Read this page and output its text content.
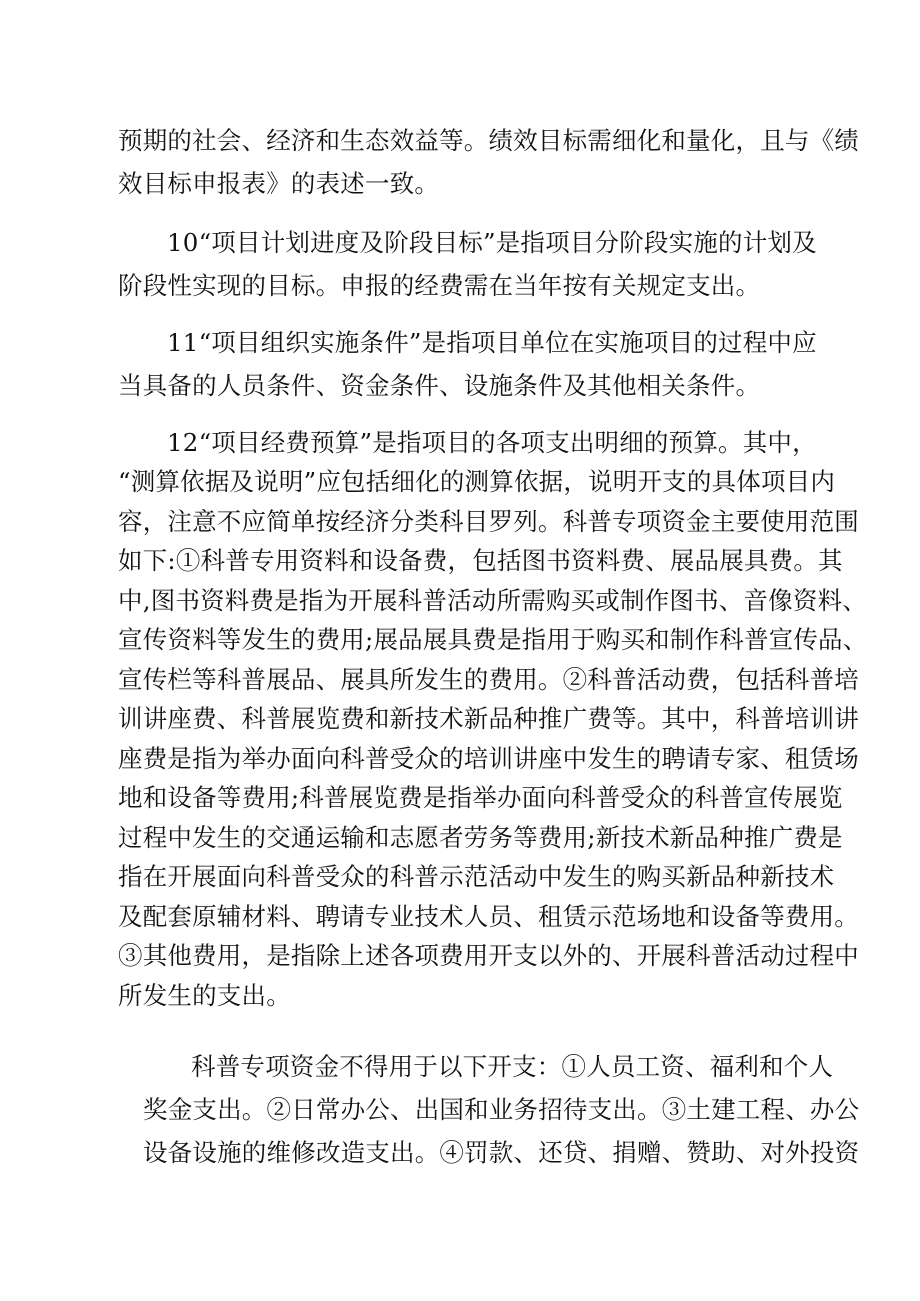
预期的社会、经济和生态效益等。绩效目标需细化和量化，且与《绩
效目标申报表》的表述一致。
10“项目计划进度及阶段目标”是指项目分阶段实施的计划及
阶段性实现的目标。申报的经费需在当年按有关规定支出。
11“项目组织实施条件”是指项目单位在实施项目的过程中应
当具备的人员条件、资金条件、设施条件及其他相关条件。
12“项目经费预算”是指项目的各项支出明细的预算。其中，
“测算依据及说明”应包括细化的测算依据，说明开支的具体项目内
容，注意不应简单按经济分类科目罗列。科普专项资金主要使用范围
如下:①科普专用资料和设备费，包括图书资料费、展品展具费。其
中,图书资料费是指为开展科普活动所需购买或制作图书、音像资料、
宣传资料等发生的费用;展品展具费是指用于购买和制作科普宣传品、
宣传栏等科普展品、展具所发生的费用。②科普活动费，包括科普培
训讲座费、科普展览费和新技术新品种推广费等。其中，科普培训讲
座费是指为举办面向科普受众的培训讲座中发生的聘请专家、租赁场
地和设备等费用;科普展览费是指举办面向科普受众的科普宣传展览
过程中发生的交通运输和志愿者劳务等费用;新技术新品种推广费是
指在开展面向科普受众的科普示范活动中发生的购买新品种新技术
及配套原辅材料、聘请专业技术人员、租赁示范场地和设备等费用。
③其他费用，是指除上述各项费用开支以外的、开展科普活动过程中
所发生的支出。
科普专项资金不得用于以下开支：①人员工资、福利和个人
奖金支出。②日常办公、出国和业务招待支出。③土建工程、办公
设备设施的维修改造支出。④罚款、还贷、捐赠、赞助、对外投资
